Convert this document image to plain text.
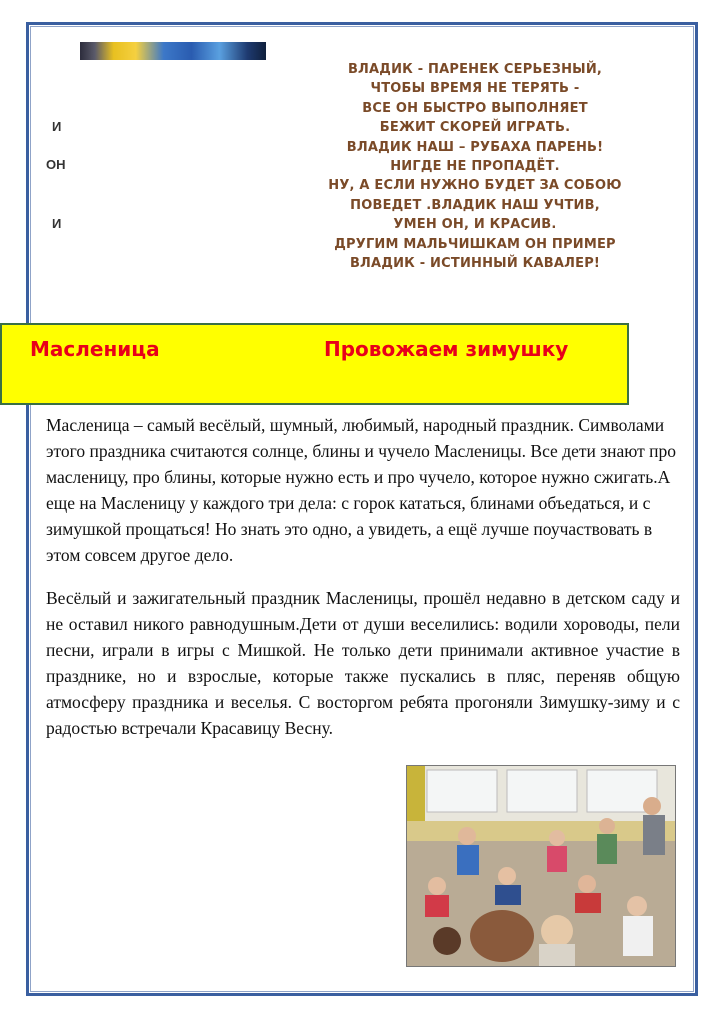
И
ОН
И
ВЛАДИК - ПАРЕНЕК СЕРЬЕЗНЫЙ,
ЧТОБЫ ВРЕМЯ НЕ ТЕРЯТЬ -
ВСЕ ОН БЫСТРО ВЫПОЛНЯЕТ
БЕЖИТ СКОРЕЙ ИГРАТЬ.
ВЛАДИК НАШ – РУБАХА ПАРЕНЬ!
НИГДЕ НЕ ПРОПАДЁТ.
НУ, А ЕСЛИ НУЖНО БУДЕТ ЗА СОБОЮ
ПОВЕДЕТ .ВЛАДИК НАШ УЧТИВ,
УМЕН ОН, И КРАСИВ.
ДРУГИМ МАЛЬЧИШКАМ ОН ПРИМЕР
ВЛАДИК - ИСТИННЫЙ КАВАЛЕР!
Масленица	Провожаем зимушку
Масленица – самый весёлый, шумный, любимый, народный праздник. Символами этого праздника считаются солнце, блины и чучело Масленицы. Все дети знают про масленицу, про блины, которые нужно есть и про чучело, которое нужно сжигать.А еще на Масленицу у каждого три дела: с горок кататься, блинами объедаться, и с зимушкой прощаться! Но знать это одно, а увидеть, а ещё лучше поучаствовать в этом совсем другое дело.
Весёлый и зажигательный праздник Масленицы, прошёл недавно в детском саду и не оставил никого равнодушным.Дети от души веселились: водили хороводы, пели песни, играли в игры с Мишкой. Не только дети принимали активное участие в празднике, но и взрослые, которые также пускались в пляс, переняв общую атмосферу праздника и веселья. С восторгом ребята прогоняли Зимушку-зиму и с радостью встречали Красавицу Весну.
